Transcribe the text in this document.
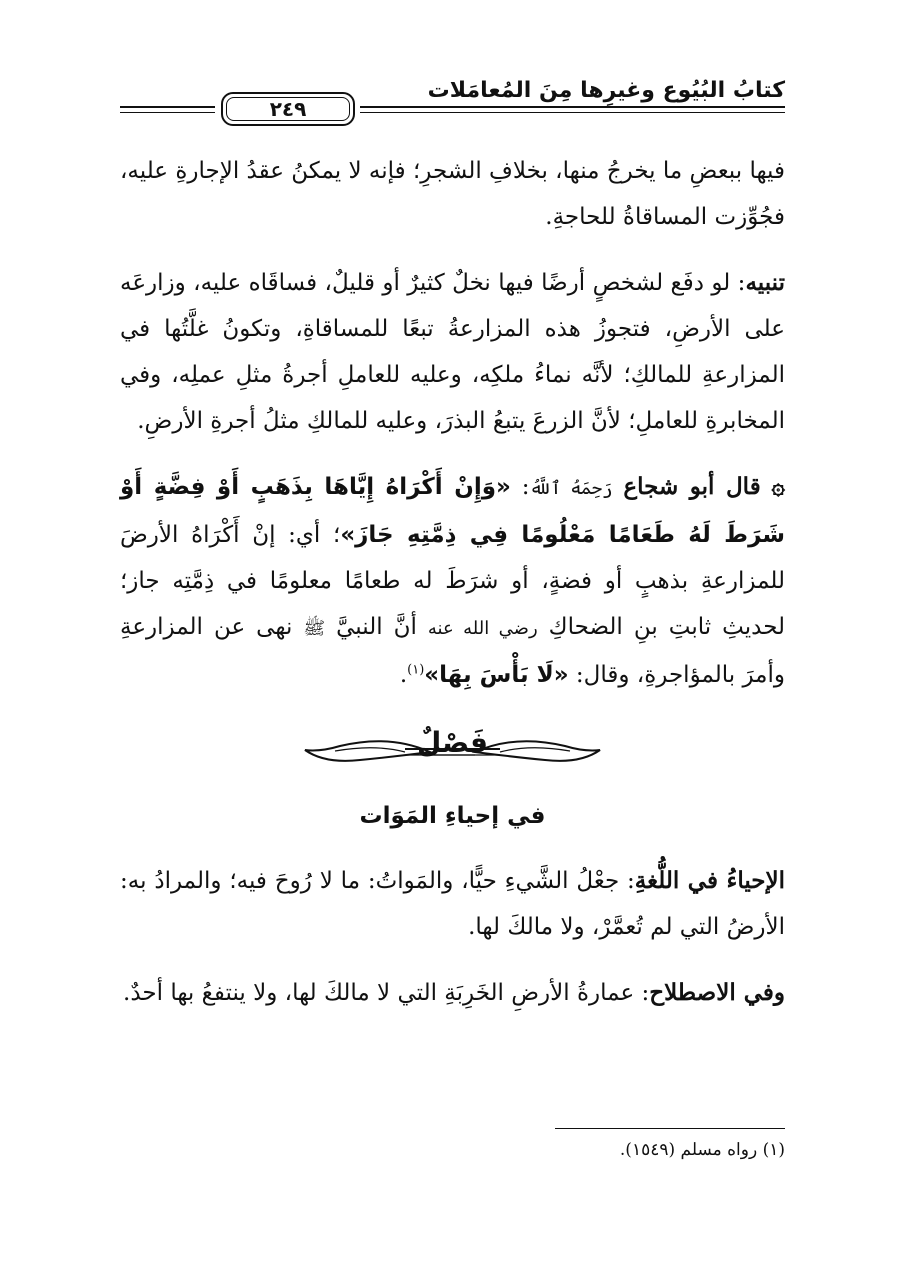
كتابُ البُيُوع وغيرِها مِنَ المُعامَلات
٢٤٩

فيها ببعضِ ما يخرجُ منها، بخلافِ الشجرِ؛ فإنه لا يمكنُ عقدُ الإجارةِ عليه، فجُوِّزت المساقاةُ للحاجةِ.

تنبيه: لو دفَع لشخصٍ أرضًا فيها نخلٌ كثيرٌ أو قليلٌ، فساقَاه عليه، وزارعَه على الأرضِ، فتجوزُ هذه المزارعةُ تبعًا للمساقاةِ، وتكونُ غلَّتُها في المزارعةِ للمالكِ؛ لأنَّه نماءُ ملكِه، وعليه للعاملِ أجرةُ مثلِ عملِه، وفي المخابرةِ للعاملِ؛ لأنَّ الزرعَ يتبعُ البذرَ، وعليه للمالكِ مثلُ أجرةِ الأرضِ.

۞ قال أبو شجاع رَحِمَهُ ٱللَّهُ: «وَإِنْ أَكْرَاهُ إِيَّاهَا بِذَهَبٍ أَوْ فِضَّةٍ أَوْ شَرَطَ لَهُ طَعَامًا مَعْلُومًا فِي ذِمَّتِهِ جَازَ»؛ أي: إنْ أَكْرَاهُ الأرضَ للمزارعةِ بذهبٍ أو فضةٍ، أو شرَطَ له طعامًا معلومًا في ذِمَّتِه جاز؛ لحديثِ ثابتِ بنِ الضحاكِ رضي الله عنه أنَّ النبيَّ ﷺ نهى عن المزارعةِ وأمرَ بالمؤاجرةِ، وقال: «لَا بَأْسَ بِهَا»$^{(١)}$.

فَصْلٌ
في إحياءِ المَوَات

الإحياءُ في اللُّغةِ: جعْلُ الشَّيءِ حيًّا، والمَواتُ: ما لا رُوحَ فيه؛ والمرادُ به: الأرضُ التي لم تُعمَّرْ، ولا مالكَ لها.

وفي الاصطلاح: عمارةُ الأرضِ الخَرِبَةِ التي لا مالكَ لها، ولا ينتفعُ بها أحدٌ.

(١) رواه مسلم (١٥٤٩).
